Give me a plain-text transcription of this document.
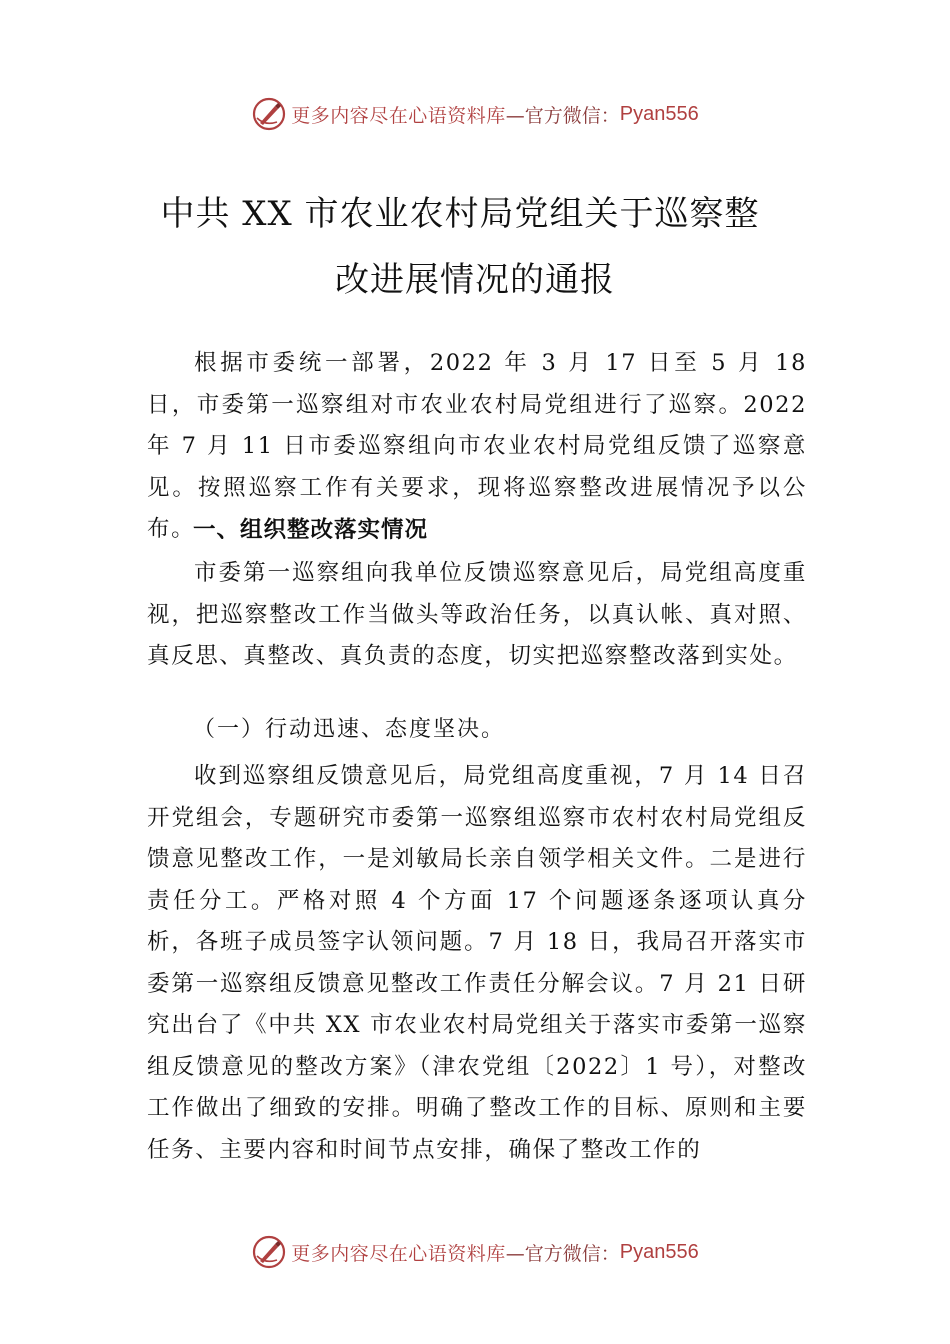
更多内容尽在心语资料库 —官方微信： Pyan556
中共 XX 市农业农村局党组关于巡察整
改进展情况的通报
根据市委统一部署，2022 年 3 月 17 日至 5 月 18 日，市委第一巡察组对市农业农村局党组进行了巡察。2022 年 7 月 11 日市委巡察组向市农业农村局党组反馈了巡察意见。按照巡察工作有关要求，现将巡察整改进展情况予以公布。
一、组织整改落实情况
市委第一巡察组向我单位反馈巡察意见后，局党组高度重视，把巡察整改工作当做头等政治任务，以真认帐、真对照、真反思、真整改、真负责的态度，切实把巡察整改落到实处。
（一）行动迅速、态度坚决。
收到巡察组反馈意见后，局党组高度重视，7 月 14 日召开党组会，专题研究市委第一巡察组巡察市农村农村局党组反馈意见整改工作，一是刘敏局长亲自领学相关文件。二是进行责任分工。严格对照 4 个方面 17 个问题逐条逐项认真分析，各班子成员签字认领问题。7 月 18 日，我局召开落实市委第一巡察组反馈意见整改工作责任分解会议。7 月 21 日研究出台了《中共 XX 市农业农村局党组关于落实市委第一巡察组反馈意见的整改方案》（津农党组〔2022〕1 号），对整改工作做出了细致的安排。明确了整改工作的目标、原则和主要任务、主要内容和时间节点安排，确保了整改工作的
更多内容尽在心语资料库 —官方微信： Pyan556
